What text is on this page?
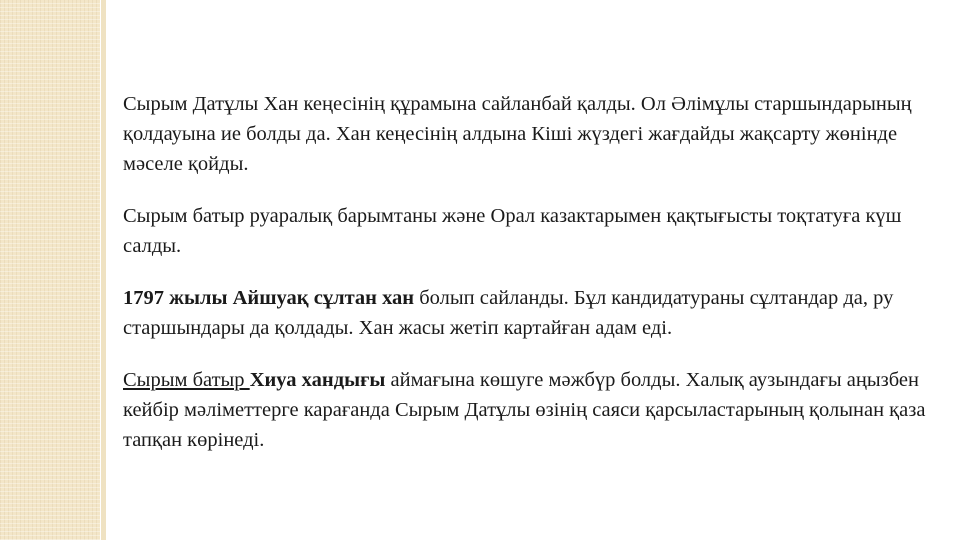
Сырым Датұлы Хан кеңесінің құрамына сайланбай қалды. Ол Әлімұлы старшындарының қолдауына ие болды да. Хан кеңесінің алдына Кіші жүздегі жағдайды жақсарту жөнінде мәселе қойды.

Сырым батыр руаралық барымтаны және Орал казактарымен қақтығысты тоқтатуға күш салды.

1797 жылы Айшуақ сұлтан хан болып сайланды. Бұл кандидатураны сұлтандар да, ру старшындары да қолдады. Хан жасы жетіп картайған адам еді.

Сырым батыр Хиуа хандығы аймағына көшуге мәжбүр болды. Халық аузындағы аңызбен кейбір мәліметтерге карағанда Сырым Датұлы өзінің саяси қарсыластарының қолынан қаза тапқан көрінеді.
